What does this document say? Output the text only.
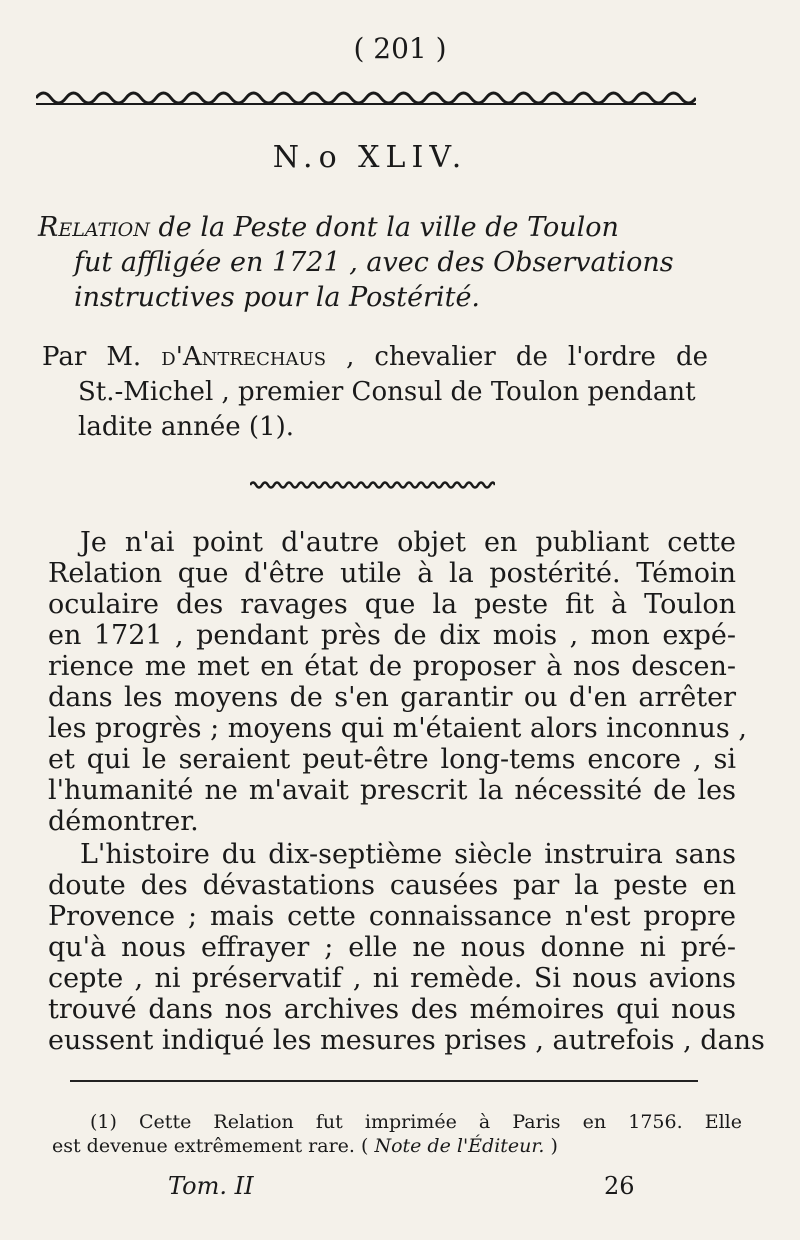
( 201 )
N.o XLIV.
Relation de la Peste dont la ville de Toulon
fut affligée en 1721 , avec des Observations
instructives pour la Postérité.
Par M. d'Antrechaus , chevalier de l'ordre de
St.-Michel , premier Consul de Toulon pendant
ladite année (1).
Je n'ai point d'autre objet en publiant cette
Relation que d'être utile à la postérité. Témoin
oculaire des ravages que la peste fit à Toulon
en 1721 , pendant près de dix mois , mon expé-
rience me met en état de proposer à nos descen-
dans les moyens de s'en garantir ou d'en arrêter
les progrès ; moyens qui m'étaient alors inconnus ,
et qui le seraient peut-être long-tems encore , si
l'humanité ne m'avait prescrit la nécessité de les
démontrer.
L'histoire du dix-septième siècle instruira sans
doute des dévastations causées par la peste en
Provence ; mais cette connaissance n'est propre
qu'à nous effrayer ; elle ne nous donne ni pré-
cepte , ni préservatif , ni remède. Si nous avions
trouvé dans nos archives des mémoires qui nous
eussent indiqué les mesures prises , autrefois , dans
(1) Cette Relation fut imprimée à Paris en 1756. Elle
est devenue extrêmement rare. ( Note de l'Éditeur. )
Tom. II	26
